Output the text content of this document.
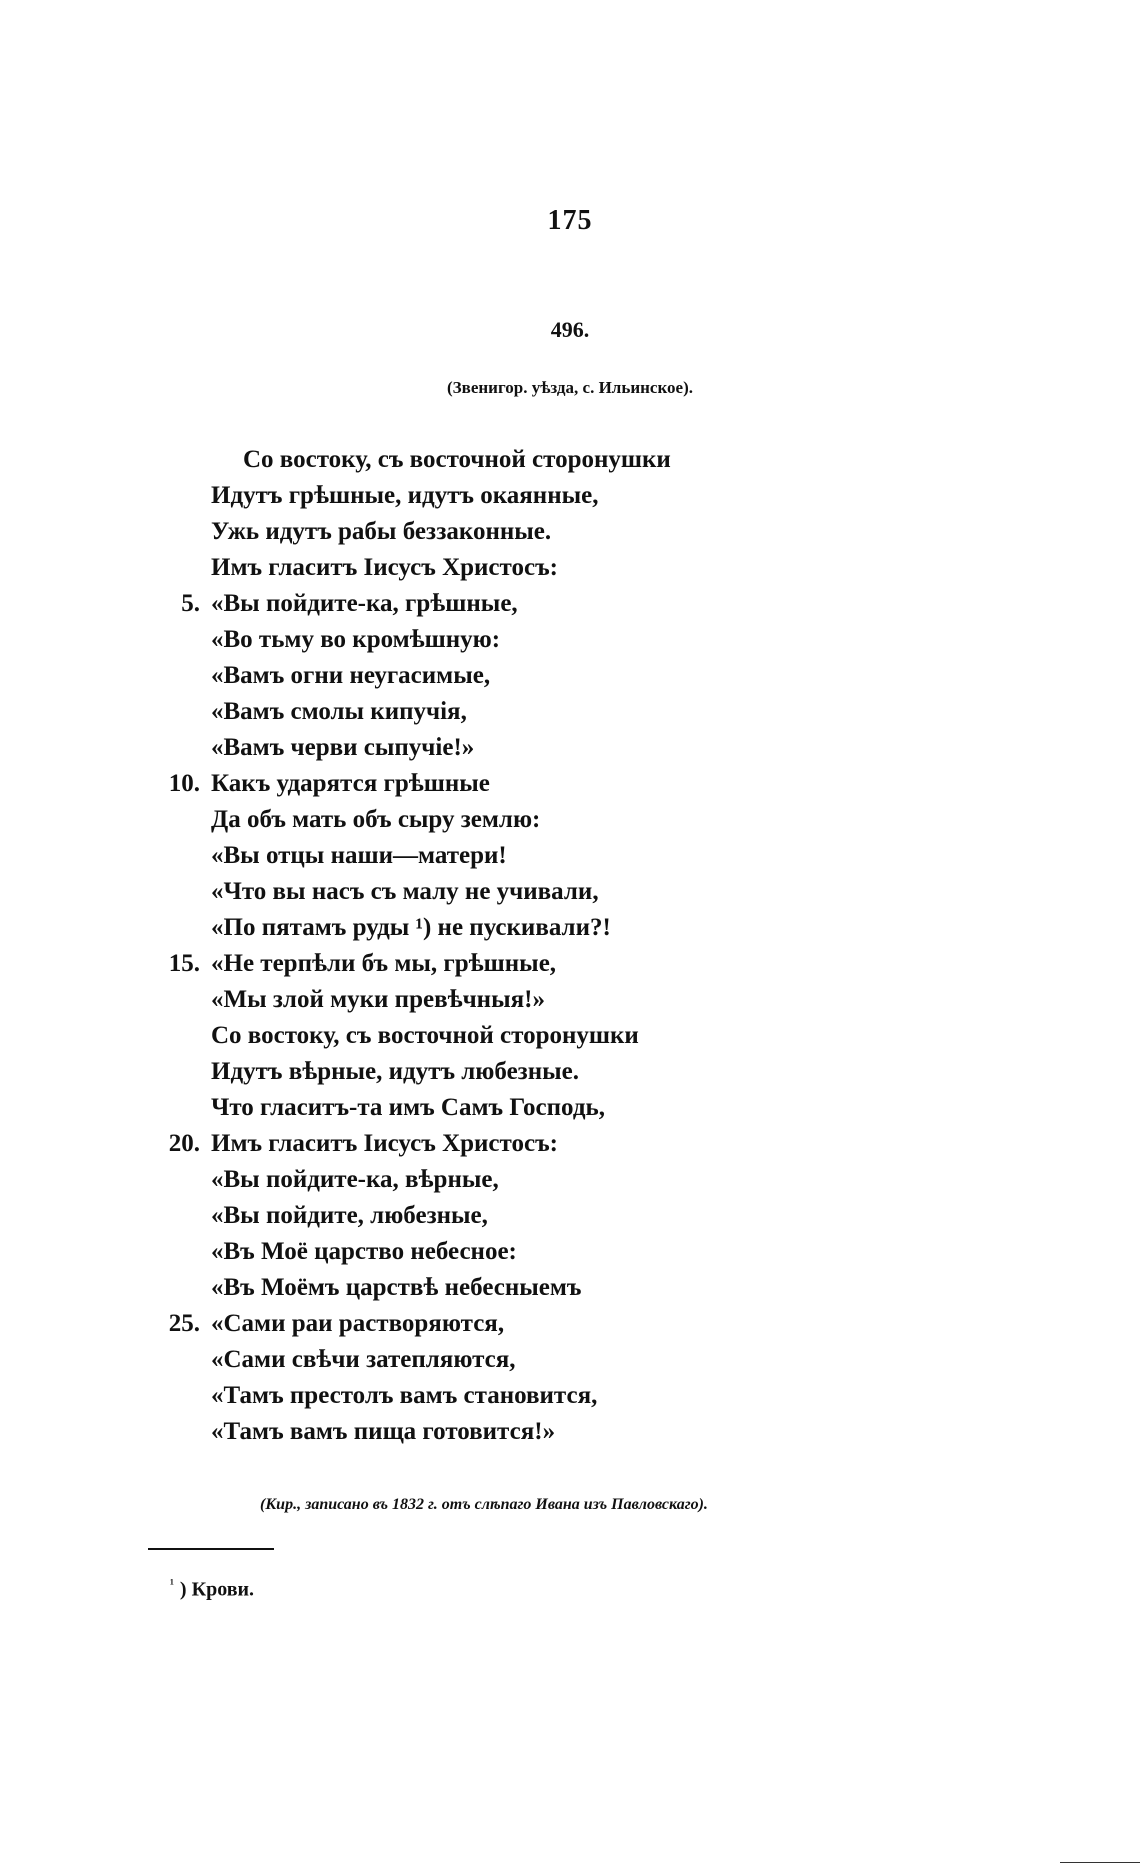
175
496.
(Звенигор. уѣзда, с. Ильинское).
Со востоку, съ восточной сторонушки
Идутъ грѣшные, идутъ окаянные,
Ужь идутъ рабы беззаконные.
Имъ гласитъ Іисусъ Христосъ:
5. «Вы пойдите-ка, грѣшные,
«Во тьму во кромѣшную:
«Вамъ огни неугасимые,
«Вамъ смолы кипучія,
«Вамъ черви сыпучіе!»
10. Какъ ударятся грѣшные
Да объ мать объ сыру землю:
«Вы отцы наши—матери!
«Что вы насъ съ малу не учивали,
«По пятамъ руды ¹) не пускивали?!
15. «Не терпѣли бъ мы, грѣшные,
«Мы злой муки превѣчныя!»
Со востоку, съ восточной сторонушки
Идутъ вѣрные, идутъ любезные.
Что гласитъ-та имъ Самъ Господь,
20. Имъ гласитъ Іисусъ Христосъ:
«Вы пойдите-ка, вѣрные,
«Вы пойдите, любезные,
«Въ Моё царство небесное:
«Въ Моёмъ царствѣ небесныемъ
25. «Сами раи растворяются,
«Сами свѣчи затепляются,
«Тамъ престолъ вамъ становится,
«Тамъ вамъ пища готовится!»
(Кир., записано въ 1832 г. отъ слѣпаго Ивана изъ Павловскаго).
$^{^1}$ ) Крови.
